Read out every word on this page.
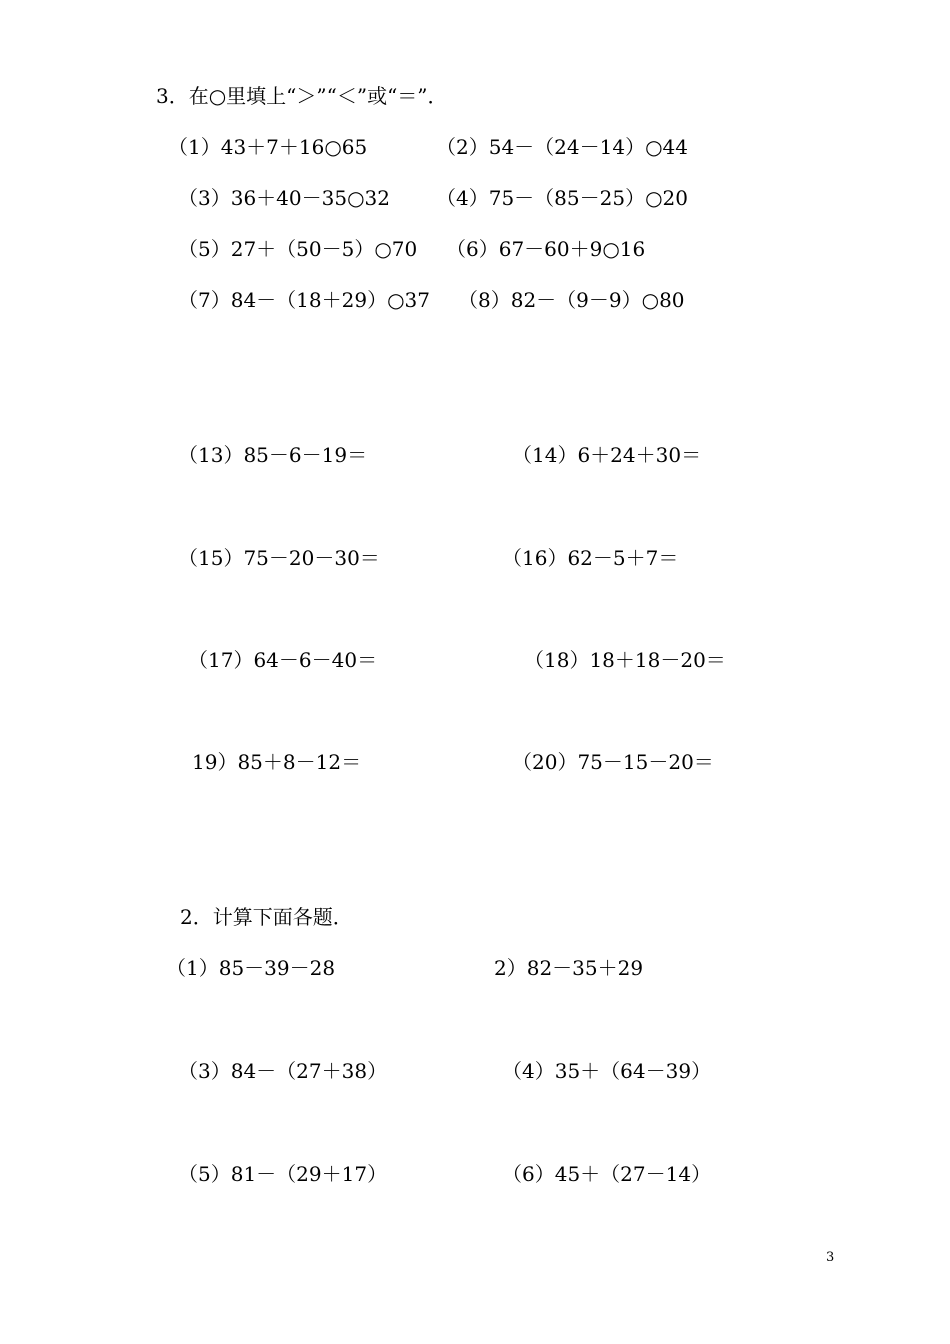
3．在○里填上“＞”“＜”或“＝”．
（1）43＋7＋16○65	（2）54－（24－14）○44
（3）36＋40－35○32 （4）75－（85－25）○20
（5）27＋（50－5）○70 （6）67－60＋9○16
（7）84－（18＋29）○37 （8）82－（9－9）○80
（13）85－6－19＝	（14）6＋24＋30＝
（15）75－20－30＝	（16）62－5＋7＝
（17）64－6－40＝	（18）18＋18－20＝
19）85＋8－12＝	（20）75－15－20＝
2．计算下面各题．
（1）85－39－28	2）82－35＋29
（3）84－（27＋38）	（4）35＋（64－39）
（5）81－（29＋17）	（6）45＋（27－14）
3
